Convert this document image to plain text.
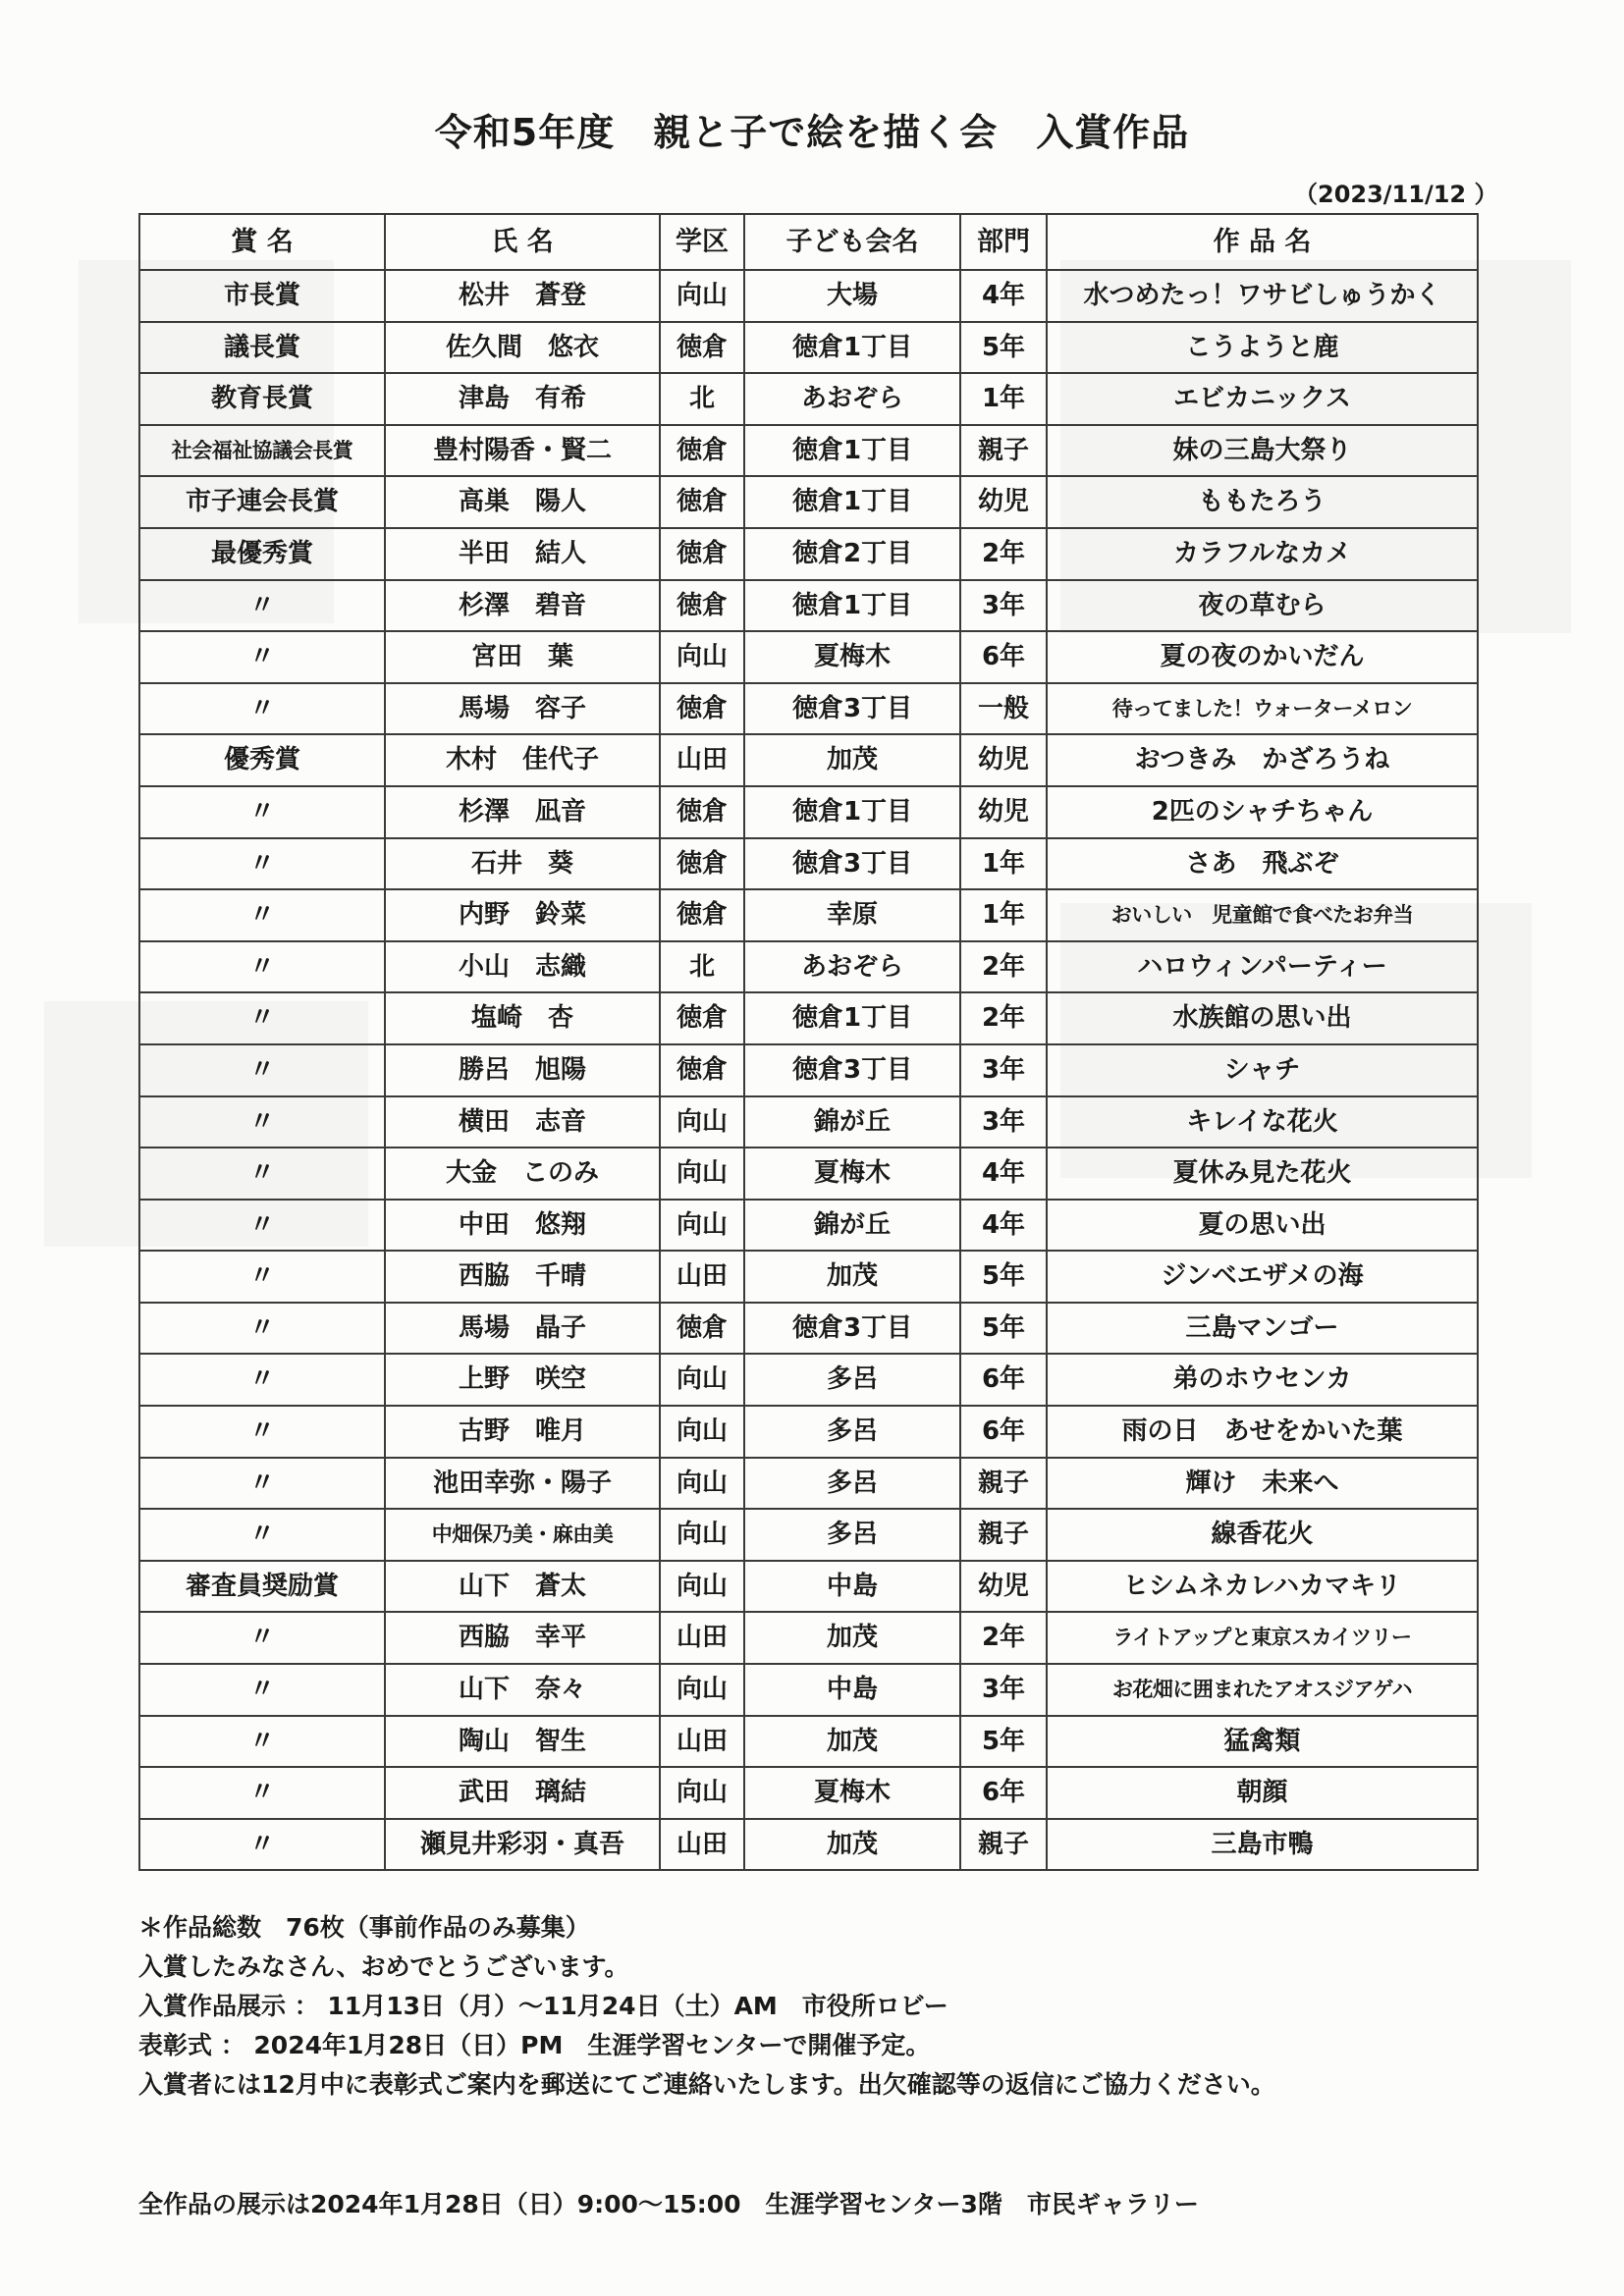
令和5年度　親と子で絵を描く会　入賞作品
（2023/11/12 ）
賞 名	氏 名	学区	子ども会名	部門	作 品 名
市長賞	松井　蒼登	向山	大場	4年	水つめたっ！ワサビしゅうかく
議長賞	佐久間　悠衣	徳倉	徳倉1丁目	5年	こうようと鹿
教育長賞	津島　有希	北	あおぞら	1年	エビカニックス
社会福祉協議会長賞	豊村陽香・賢二	徳倉	徳倉1丁目	親子	妹の三島大祭り
市子連会長賞	高巣　陽人	徳倉	徳倉1丁目	幼児	ももたろう
最優秀賞	半田　結人	徳倉	徳倉2丁目	2年	カラフルなカメ
〃	杉澤　碧音	徳倉	徳倉1丁目	3年	夜の草むら
〃	宮田　葉	向山	夏梅木	6年	夏の夜のかいだん
〃	馬場　容子	徳倉	徳倉3丁目	一般	待ってました！ウォーターメロン
優秀賞	木村　佳代子	山田	加茂	幼児	おつきみ　かざろうね
〃	杉澤　凪音	徳倉	徳倉1丁目	幼児	2匹のシャチちゃん
〃	石井　葵	徳倉	徳倉3丁目	1年	さあ　飛ぶぞ
〃	内野　鈴菜	徳倉	幸原	1年	おいしい　児童館で食べたお弁当
〃	小山　志織	北	あおぞら	2年	ハロウィンパーティー
〃	塩崎　杏	徳倉	徳倉1丁目	2年	水族館の思い出
〃	勝呂　旭陽	徳倉	徳倉3丁目	3年	シャチ
〃	横田　志音	向山	錦が丘	3年	キレイな花火
〃	大金　このみ	向山	夏梅木	4年	夏休み見た花火
〃	中田　悠翔	向山	錦が丘	4年	夏の思い出
〃	西脇　千晴	山田	加茂	5年	ジンベエザメの海
〃	馬場　晶子	徳倉	徳倉3丁目	5年	三島マンゴー
〃	上野　咲空	向山	多呂	6年	弟のホウセンカ
〃	古野　唯月	向山	多呂	6年	雨の日　あせをかいた葉
〃	池田幸弥・陽子	向山	多呂	親子	輝け　未来へ
〃	中畑保乃美・麻由美	向山	多呂	親子	線香花火
審査員奨励賞	山下　蒼太	向山	中島	幼児	ヒシムネカレハカマキリ
〃	西脇　幸平	山田	加茂	2年	ライトアップと東京スカイツリー
〃	山下　奈々	向山	中島	3年	お花畑に囲まれたアオスジアゲハ
〃	陶山　智生	山田	加茂	5年	猛禽類
〃	武田　璃結	向山	夏梅木	6年	朝顔
〃	瀬見井彩羽・真吾	山田	加茂	親子	三島市鴨
＊作品総数　76枚（事前作品のみ募集）
入賞したみなさん、おめでとうございます。
入賞作品展示 ： 11月13日（月）～11月24日（土）AM　市役所ロビー
表彰式 ： 2024年1月28日（日）PM　生涯学習センターで開催予定。
入賞者には12月中に表彰式ご案内を郵送にてご連絡いたします。出欠確認等の返信にご協力ください。
全作品の展示は2024年1月28日（日）9:00～15:00　生涯学習センター3階　市民ギャラリー
